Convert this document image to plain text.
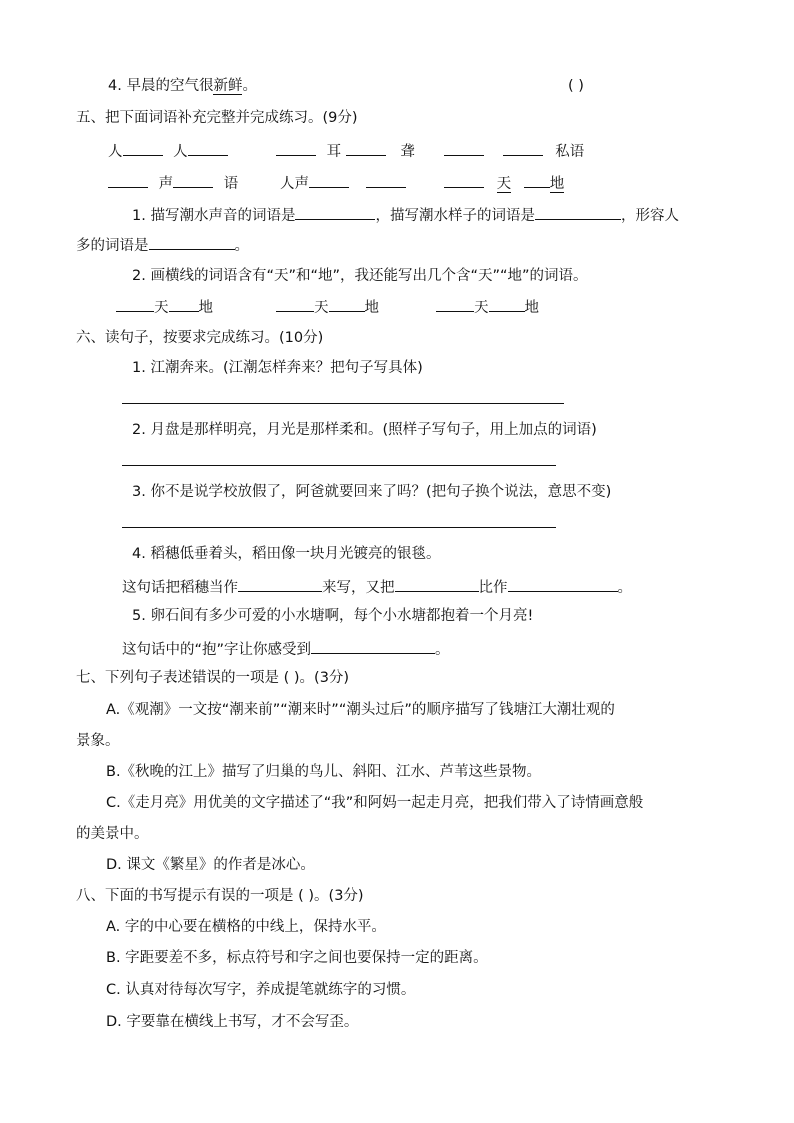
4. 早晨的空气很新鲜。	( )
五、把下面词语补充完整并完成练习。(9分)
人	人	耳	聋	私语
声	语	人声	天	地
1. 描写潮水声音的词语是	，描写潮水样子的词语是	，形容人
多的词语是	。
2. 画横线的词语含有“天”和“地”，我还能写出几个含“天”“地”的词语。
天 地	天 地	天 地
六、读句子，按要求完成练习。(10分)
1. 江潮奔来。(江潮怎样奔来？把句子写具体)
2. 月盘是那样明亮，月光是那样柔和。(照样子写句子，用上加点的词语)
3. 你不是说学校放假了，阿爸就要回来了吗？(把句子换个说法，意思不变)
4. 稻穗低垂着头，稻田像一块月光镀亮的银毯。
这句话把稻穗当作	来写，又把	比作	。
5. 卵石间有多少可爱的小水塘啊，每个小水塘都抱着一个月亮!
这句话中的“抱”字让你感受到	。
七、下列句子表述错误的一项是 ( )。(3分)
A.《观潮》一文按“潮来前”“潮来时”“潮头过后”的顺序描写了钱塘江大潮壮观的
景象。
B.《秋晚的江上》描写了归巢的鸟儿、斜阳、江水、芦苇这些景物。
C.《走月亮》用优美的文字描述了“我”和阿妈一起走月亮，把我们带入了诗情画意般
的美景中。
D. 课文《繁星》的作者是冰心。
八、下面的书写提示有误的一项是 ( )。(3分)
A. 字的中心要在横格的中线上，保持水平。
B. 字距要差不多，标点符号和字之间也要保持一定的距离。
C. 认真对待每次写字，养成提笔就练字的习惯。
D. 字要靠在横线上书写，才不会写歪。
